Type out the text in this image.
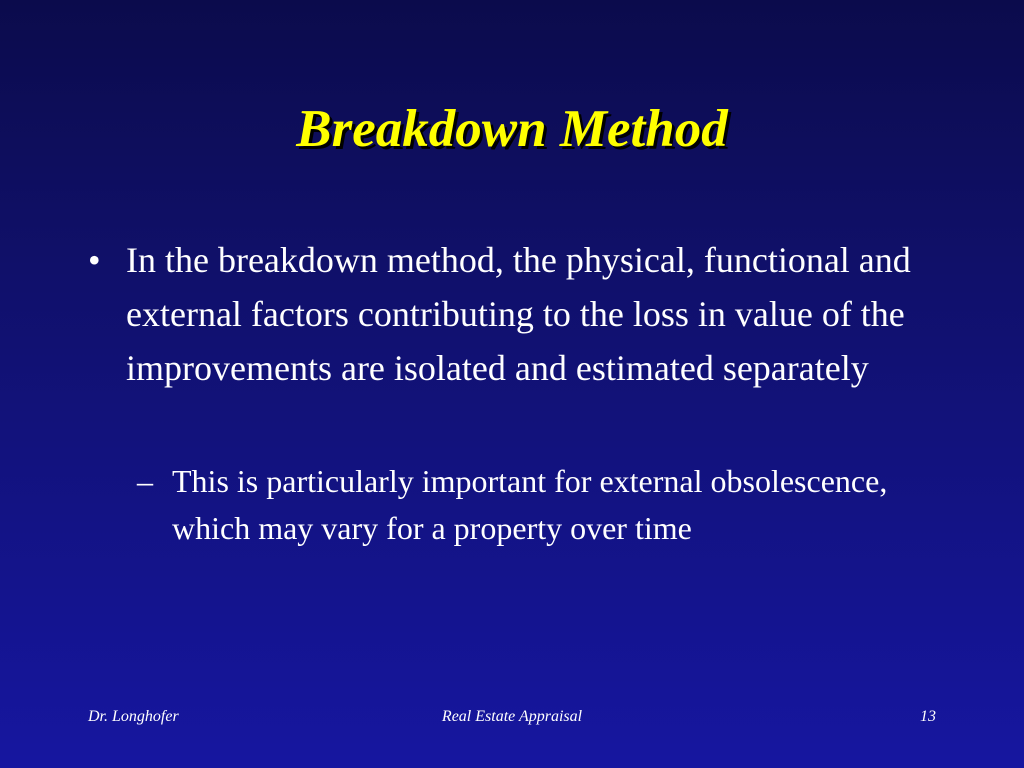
Breakdown Method
• In the breakdown method, the physical, functional and external factors contributing to the loss in value of the improvements are isolated and estimated separately
– This is particularly important for external obsolescence, which may vary for a property over time
Dr. Longhofer	Real Estate Appraisal	13
